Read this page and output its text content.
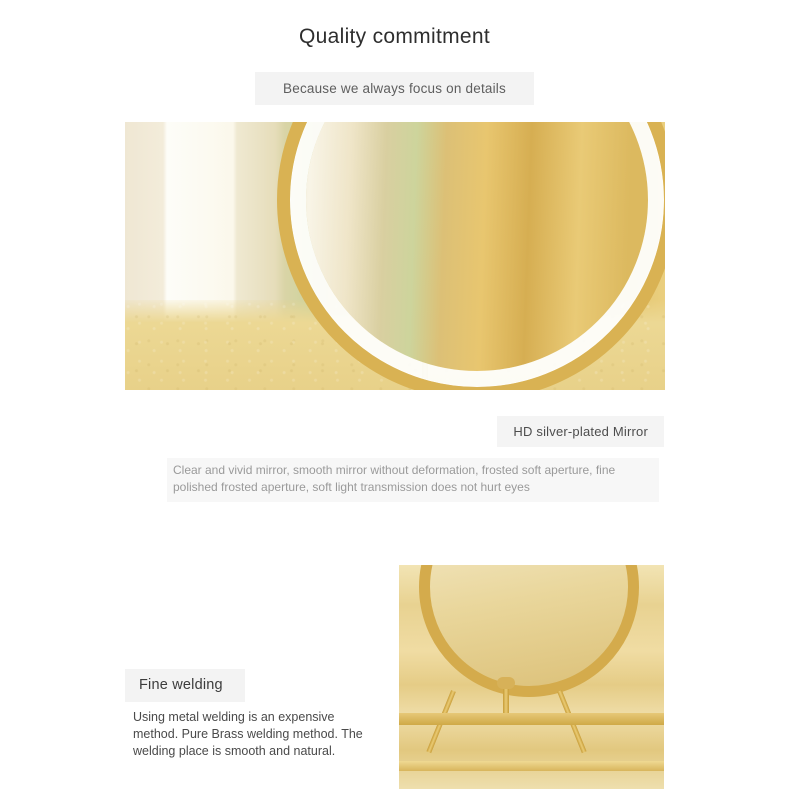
Quality commitment
Because we always focus on details
HD silver-plated Mirror
Clear and vivid mirror, smooth mirror without deformation, frosted soft aperture, fine polished frosted aperture, soft light transmission does not hurt eyes
Fine welding
Using metal welding is an expensive method. Pure Brass welding method. The welding place is smooth and natural.
